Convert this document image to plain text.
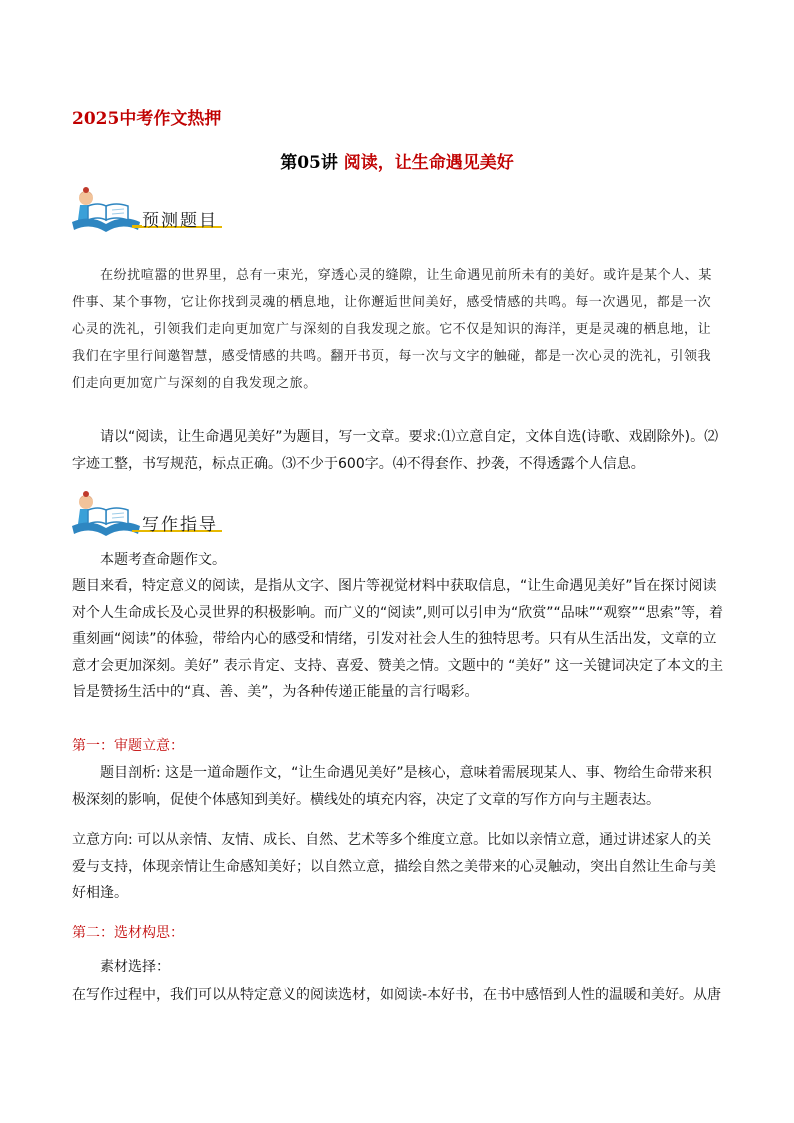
2025中考作文热押
第05讲 阅读，让生命遇见美好
预测题目
在纷扰喧嚣的世界里，总有一束光，穿透心灵的缝隙，让生命遇见前所未有的美好。或许是某个人、某件事、某个事物，它让你找到灵魂的栖息地，让你邂逅世间美好，感受情感的共鸣。每一次遇见，都是一次心灵的洗礼，引领我们走向更加宽广与深刻的自我发现之旅。它不仅是知识的海洋，更是灵魂的栖息地，让我们在字里行间邀智慧，感受情感的共鸣。翻开书页，每一次与文字的触碰，都是一次心灵的洗礼，引领我们走向更加宽广与深刻的自我发现之旅。
请以“阅读，让生命遇见美好”为题目，写一文章。要求:⑴立意自定，文体自选(诗歌、戏剧除外)。⑵字迹工整，书写规范，标点正确。⑶不少于600字。⑷不得套作、抄袭，不得透露个人信息。
写作指导
本题考查命题作文。
题目来看，特定意义的阅读，是指从文字、图片等视觉材料中获取信息，“让生命遇见美好”旨在探讨阅读对个人生命成长及心灵世界的积极影响。而广义的“阅读”,则可以引申为“欣赏”“品味”“观察”“思索”等，着重刻画“阅读”的体验，带给内心的感受和情绪，引发对社会人生的独特思考。只有从生活出发，文章的立意才会更加深刻。美好” 表示肯定、支持、喜爱、赞美之情。文题中的 “美好” 这一关键词决定了本文的主旨是赞扬生活中的“真、善、美”，为各种传递正能量的言行喝彩。
第一：审题立意：
题目剖析: 这是一道命题作文，“让生命遇见美好”是核心，意味着需展现某人、事、物给生命带来积极深刻的影响，促使个体感知到美好。横线处的填充内容，决定了文章的写作方向与主题表达。
立意方向: 可以从亲情、友情、成长、自然、艺术等多个维度立意。比如以亲情立意，通过讲述家人的关爱与支持，体现亲情让生命感知美好；以自然立意，描绘自然之美带来的心灵触动，突出自然让生命与美好相逢。
第二：选材构思：
素材选择：
在写作过程中，我们可以从特定意义的阅读选材，如阅读-本好书，在书中感悟到人性的温暖和美好。从唐
